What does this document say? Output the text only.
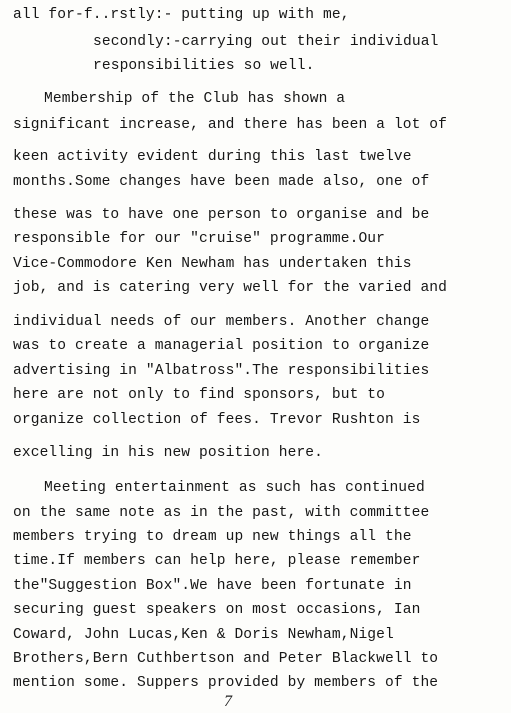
all for-f..rstly:- putting up with me,
secondly:-carrying out their individual
responsibilities so well.
Membership of the Club has shown a
significant increase, and there has been a lot of
keen activity evident during this last twelve
months.Some changes have been made also, one of
these was to have one person to organise and be
responsible for our "cruise" programme.Our
Vice-Commodore Ken Newham has undertaken this
job, and is catering very well for the varied and
individual needs of our members. Another change
was to create a managerial position to organize
advertising in "Albatross".The responsibilities
here are not only to find sponsors, but to
organize collection of fees. Trevor Rushton is
excelling in his new position here.
Meeting entertainment as such has continued
on the same note as in the past, with committee
members trying to dream up new things all the
time.If members can help here, please remember
the"Suggestion Box".We have been fortunate in
securing guest speakers on most occasions, Ian
Coward, John Lucas,Ken & Doris Newham,Nigel
Brothers,Bern Cuthbertson and Peter Blackwell to
mention some. Suppers provided by members of the
7
